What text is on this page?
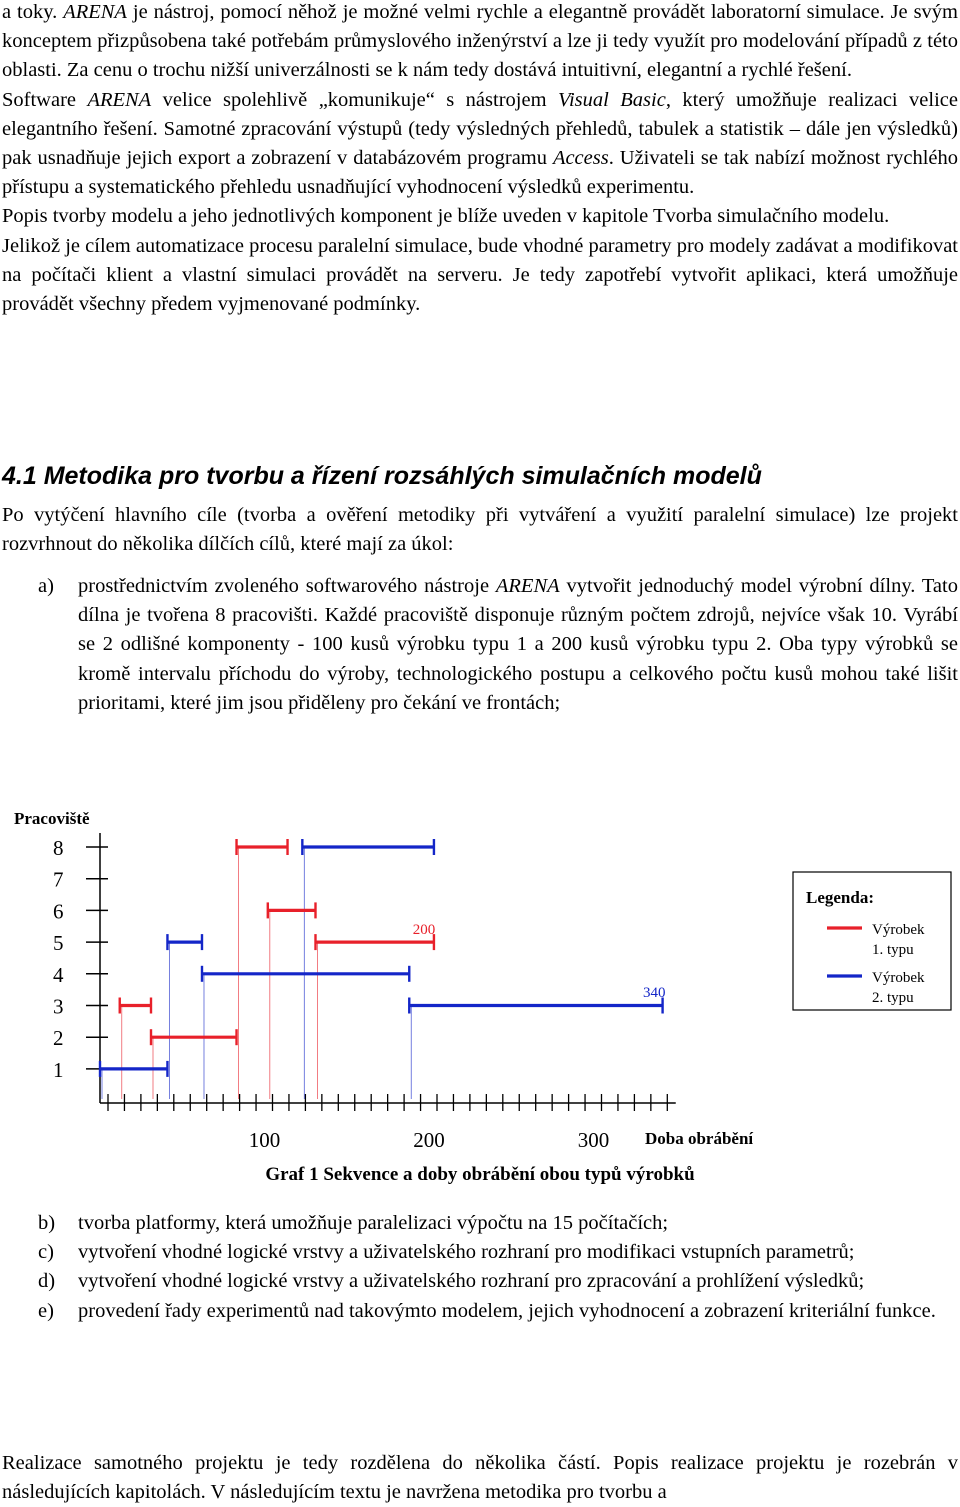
a toky. ARENA je nástroj, pomocí něhož je možné velmi rychle a elegantně provádět laboratorní simulace. Je svým konceptem přizpůsobena také potřebám průmyslového inženýrství a lze ji tedy využít pro modelování případů z této oblasti. Za cenu o trochu nižší univerzálnosti se k nám tedy dostává intuitivní, elegantní a rychlé řešení.

Software ARENA velice spolehlivě „komunikuje“ s nástrojem Visual Basic, který umožňuje realizaci velice elegantního řešení. Samotné zpracování výstupů (tedy výsledných přehledů, tabulek a statistik – dále jen výsledků) pak usnadňuje jejich export a zobrazení v databázovém programu Access. Uživateli se tak nabízí možnost rychlého přístupu a systematického přehledu usnadňující vyhodnocení výsledků experimentu.

Popis tvorby modelu a jeho jednotlivých komponent je blíže uveden v kapitole Tvorba simulačního modelu.

Jelikož je cílem automatizace procesu paralelní simulace, bude vhodné parametry pro modely zadávat a modifikovat na počítači klient a vlastní simulaci provádět na serveru. Je tedy zapotřebí vytvořit aplikaci, která umožňuje provádět všechny předem vyjmenované podmínky.

4.1 Metodika pro tvorbu a řízení rozsáhlých simulačních modelů

Po vytýčení hlavního cíle (tvorba a ověření metodiky při vytváření a využití paralelní simulace) lze projekt rozvrhnout do několika dílčích cílů, které mají za úkol:

a)	prostřednictvím zvoleného softwarového nástroje ARENA vytvořit jednoduchý model výrobní dílny. Tato dílna je tvořena 8 pracovišti. Každé pracoviště disponuje různým počtem zdrojů, nejvíce však 10. Vyrábí se 2 odlišné komponenty - 100 kusů výrobku typu 1 a 200 kusů výrobku typu 2. Oba typy výrobků se kromě intervalu příchodu do výroby, technologického postupu a celkového počtu kusů mohou také lišit prioritami, které jim jsou přiděleny pro čekání ve frontách;
Pracoviště
8
7
6
5
4
3
2
1
100	200	300 Doba obrábění
200
340
Legenda:
Výrobek
1. typu
Výrobek
2. typu
Graf 1 Sekvence a doby obrábění obou typů výrobků
b)	tvorba platformy, která umožňuje paralelizaci výpočtu na 15 počítačích;
c)	vytvoření vhodné logické vrstvy a uživatelského rozhraní pro modifikaci vstupních parametrů;
d)	vytvoření vhodné logické vrstvy a uživatelského rozhraní pro zpracování a prohlížení výsledků;
e)	provedení řady experimentů nad takovýmto modelem, jejich vyhodnocení a zobrazení kriteriální funkce.

Realizace samotného projektu je tedy rozdělena do několika částí. Popis realizace projektu je rozebrán v následujících kapitolách. V následujícím textu je navržena metodika pro tvorbu a
